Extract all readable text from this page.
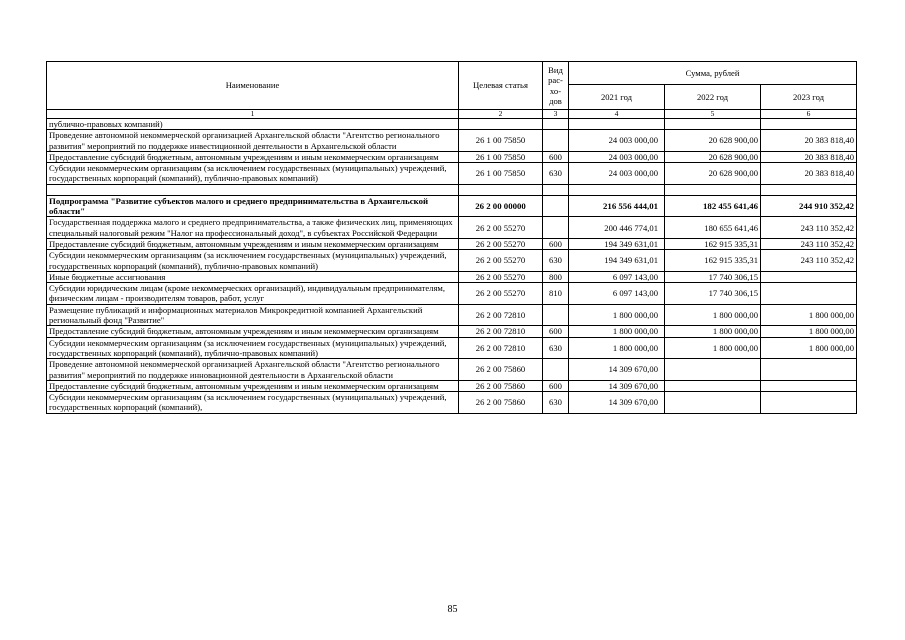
Наименование	Целевая статья	Вид рас-хо-дов	Сумма, рублей		
			2021 год	2022 год	2023 год
1	2	3	4	5	6
публично-правовых компаний)					
Проведение автономной некоммерческой организацией Архангельской области "Агентство регионального развития" мероприятий по поддержке инвестиционной деятельности в Архангельской области	26 1 00 75850		24 003 000,00	20 628 900,00	20 383 818,40
Предоставление субсидий бюджетным, автономным учреждениям и иным некоммерческим организациям	26 1 00 75850	600	24 003 000,00	20 628 900,00	20 383 818,40
Субсидии некоммерческим организациям (за исключением государственных (муниципальных) учреждений, государственных корпораций (компаний), публично-правовых компаний)	26 1 00 75850	630	24 003 000,00	20 628 900,00	20 383 818,40

Подпрограмма "Развитие субъектов малого и среднего предпринимательства в Архангельской области"	26 2 00 00000		216 556 444,01	182 455 641,46	244 910 352,42
Государственная поддержка малого и среднего предпринимательства, а также физических лиц, применяющих специальный налоговый режим "Налог на профессиональный доход", в субъектах Российской Федерации	26 2 00 55270		200 446 774,01	180 655 641,46	243 110 352,42
Предоставление субсидий бюджетным, автономным учреждениям и иным некоммерческим организациям	26 2 00 55270	600	194 349 631,01	162 915 335,31	243 110 352,42
Субсидии некоммерческим организациям (за исключением государственных (муниципальных) учреждений, государственных корпораций (компаний), публично-правовых компаний)	26 2 00 55270	630	194 349 631,01	162 915 335,31	243 110 352,42
Иные бюджетные ассигнования	26 2 00 55270	800	6 097 143,00	17 740 306,15	
Субсидии юридическим лицам (кроме некоммерческих организаций), индивидуальным предпринимателям, физическим лицам - производителям товаров, работ, услуг	26 2 00 55270	810	6 097 143,00	17 740 306,15	
Размещение публикаций и информационных материалов Микрокредитной компанией Архангельский региональный фонд "Развитие"	26 2 00 72810		1 800 000,00	1 800 000,00	1 800 000,00
Предоставление субсидий бюджетным, автономным учреждениям и иным некоммерческим организациям	26 2 00 72810	600	1 800 000,00	1 800 000,00	1 800 000,00
Субсидии некоммерческим организациям (за исключением государственных (муниципальных) учреждений, государственных корпораций (компаний), публично-правовых компаний)	26 2 00 72810	630	1 800 000,00	1 800 000,00	1 800 000,00
Проведение автономной некоммерческой организацией Архангельской области "Агентство регионального развития" мероприятий по поддержке инновационной деятельности в Архангельской области	26 2 00 75860		14 309 670,00		
Предоставление субсидий бюджетным, автономным учреждениям и иным некоммерческим организациям	26 2 00 75860	600	14 309 670,00		
Субсидии некоммерческим организациям (за исключением государственных (муниципальных) учреждений, государственных корпораций (компаний),	26 2 00 75860	630	14 309 670,00		
85
